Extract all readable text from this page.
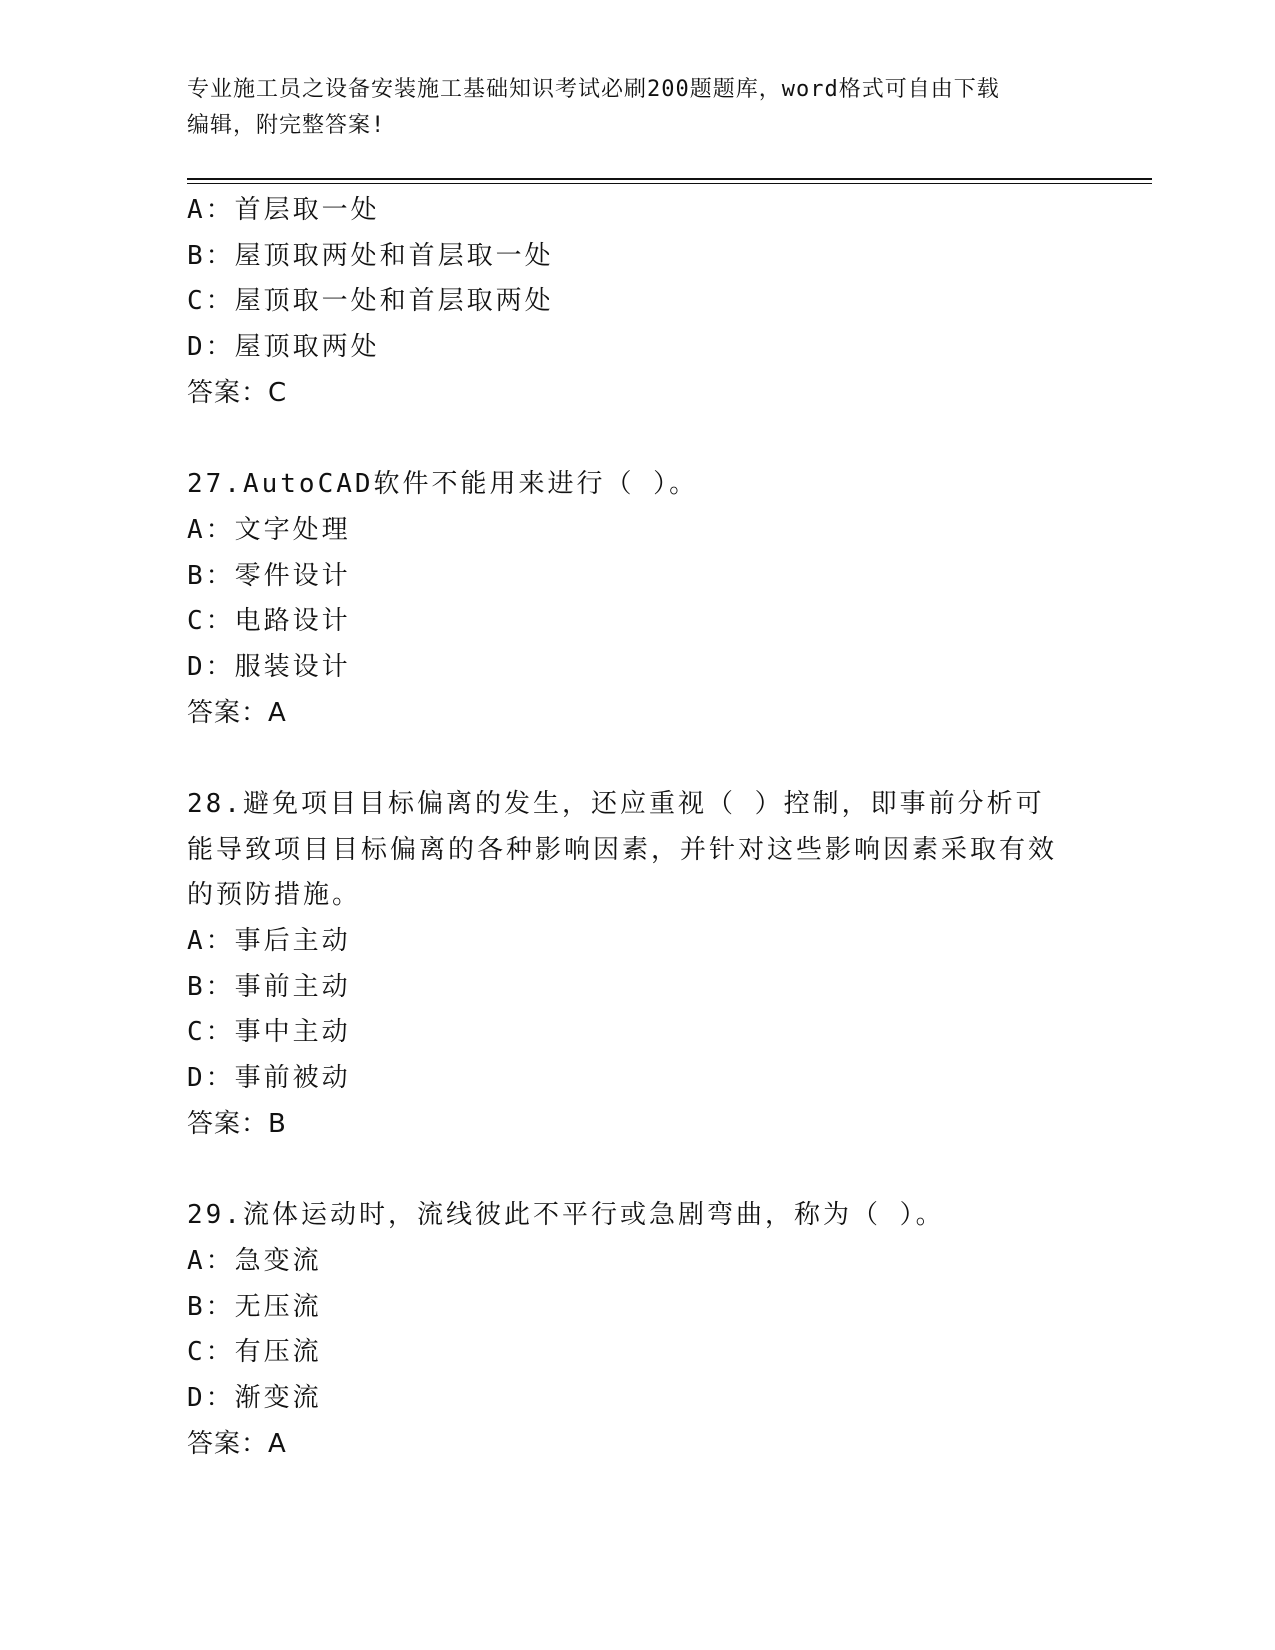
专业施工员之设备安装施工基础知识考试必刷200题题库，word格式可自由下载
编辑，附完整答案!
A：首层取一处
B：屋顶取两处和首层取一处
C：屋顶取一处和首层取两处
D：屋顶取两处
答案：C
27.AutoCAD软件不能用来进行（ ）。
A：文字处理
B：零件设计
C：电路设计
D：服装设计
答案：A
28.避免项目目标偏离的发生，还应重视（ ）控制，即事前分析可能导致项目目标偏离的各种影响因素，并针对这些影响因素采取有效的预防措施。
A：事后主动
B：事前主动
C：事中主动
D：事前被动
答案：B
29.流体运动时，流线彼此不平行或急剧弯曲，称为（ ）。
A：急变流
B：无压流
C：有压流
D：渐变流
答案：A
